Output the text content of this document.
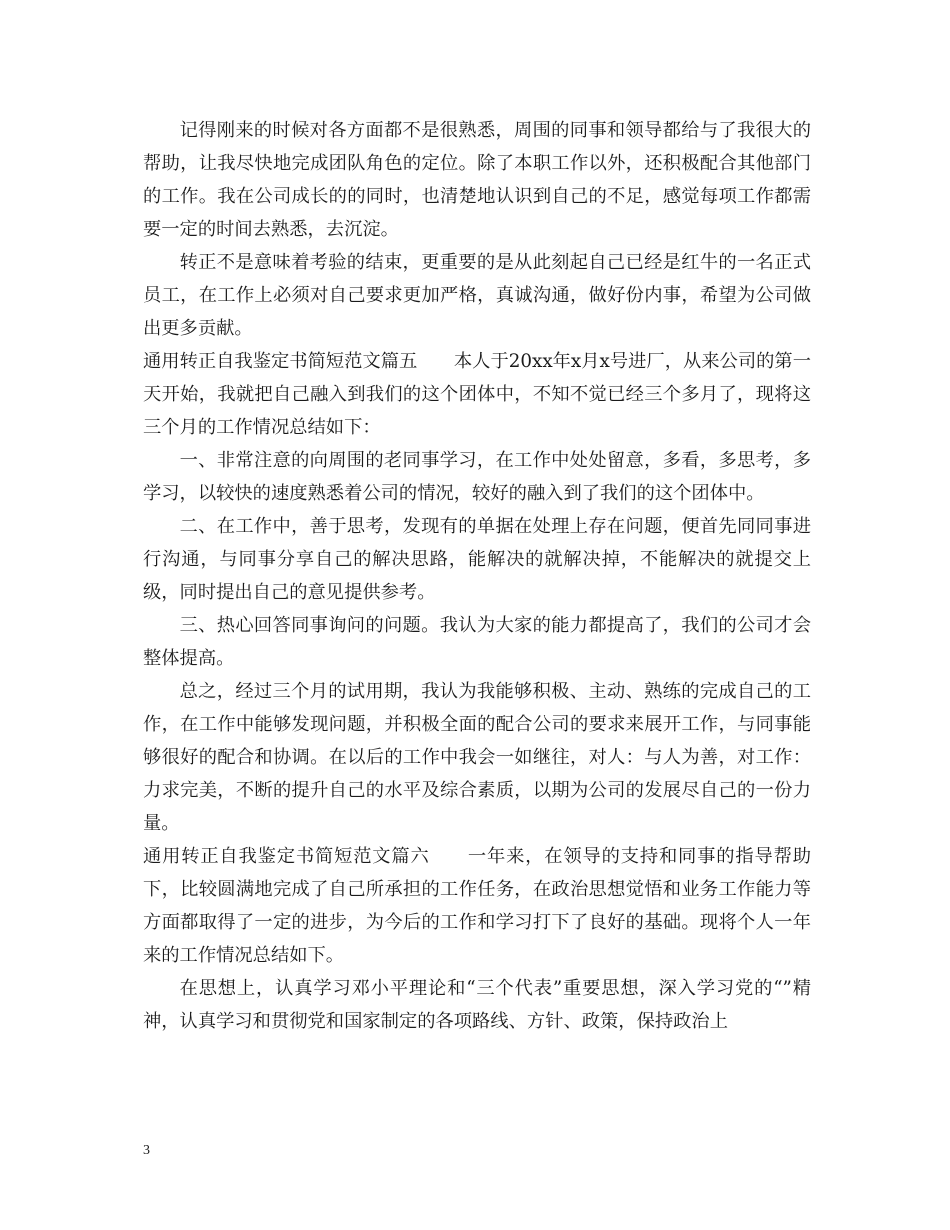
记得刚来的时候对各方面都不是很熟悉，周围的同事和领导都给与了我很大的帮助，让我尽快地完成团队角色的定位。除了本职工作以外，还积极配合其他部门的工作。我在公司成长的的同时，也清楚地认识到自己的不足，感觉每项工作都需要一定的时间去熟悉，去沉淀。

转正不是意味着考验的结束，更重要的是从此刻起自己已经是红牛的一名正式员工，在工作上必须对自己要求更加严格，真诚沟通，做好份内事，希望为公司做出更多贡献。

通用转正自我鉴定书简短范文篇五　　本人于20xx年x月x号进厂，从来公司的第一天开始，我就把自己融入到我们的这个团体中，不知不觉已经三个多月了，现将这三个月的工作情况总结如下：

一、非常注意的向周围的老同事学习，在工作中处处留意，多看，多思考，多学习，以较快的速度熟悉着公司的情况，较好的融入到了我们的这个团体中。

二、在工作中，善于思考，发现有的单据在处理上存在问题，便首先同同事进行沟通，与同事分享自己的解决思路，能解决的就解决掉，不能解决的就提交上级，同时提出自己的意见提供参考。

三、热心回答同事询问的问题。我认为大家的能力都提高了，我们的公司才会整体提高。

总之，经过三个月的试用期，我认为我能够积极、主动、熟练的完成自己的工作，在工作中能够发现问题，并积极全面的配合公司的要求来展开工作，与同事能够很好的配合和协调。在以后的工作中我会一如继往，对人：与人为善，对工作：力求完美，不断的提升自己的水平及综合素质，以期为公司的发展尽自己的一份力量。

通用转正自我鉴定书简短范文篇六　　一年来，在领导的支持和同事的指导帮助下，比较圆满地完成了自己所承担的工作任务，在政治思想觉悟和业务工作能力等方面都取得了一定的进步，为今后的工作和学习打下了良好的基础。现将个人一年来的工作情况总结如下。

在思想上，认真学习邓小平理论和“三个代表”重要思想，深入学习党的“”精神，认真学习和贯彻党和国家制定的各项路线、方针、政策，保持政治上

3
